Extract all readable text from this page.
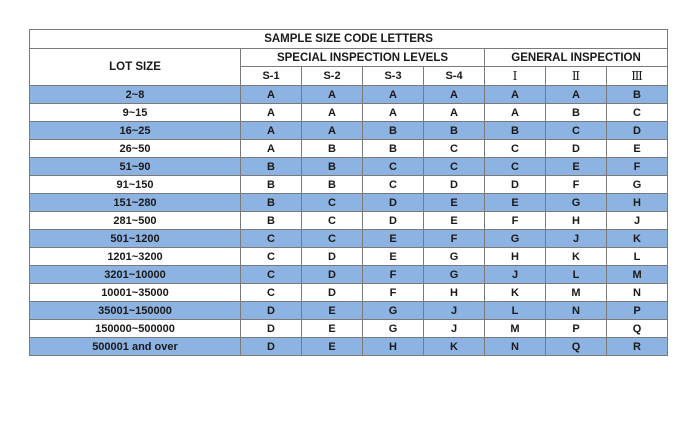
SAMPLE SIZE CODE LETTERS							
LOT SIZE	SPECIAL INSPECTION LEVELS				GENERAL INSPECTION		
	S-1	S-2	S-3	S-4	Ⅰ	Ⅱ	Ⅲ
2~8	A	A	A	A	A	A	B
9~15	A	A	A	A	A	B	C
16~25	A	A	B	B	B	C	D
26~50	A	B	B	C	C	D	E
51~90	B	B	C	C	C	E	F
91~150	B	B	C	D	D	F	G
151~280	B	C	D	E	E	G	H
281~500	B	C	D	E	F	H	J
501~1200	C	C	E	F	G	J	K
1201~3200	C	D	E	G	H	K	L
3201~10000	C	D	F	G	J	L	M
10001~35000	C	D	F	H	K	M	N
35001~150000	D	E	G	J	L	N	P
150000~500000	D	E	G	J	M	P	Q
500001 and over	D	E	H	K	N	Q	R
